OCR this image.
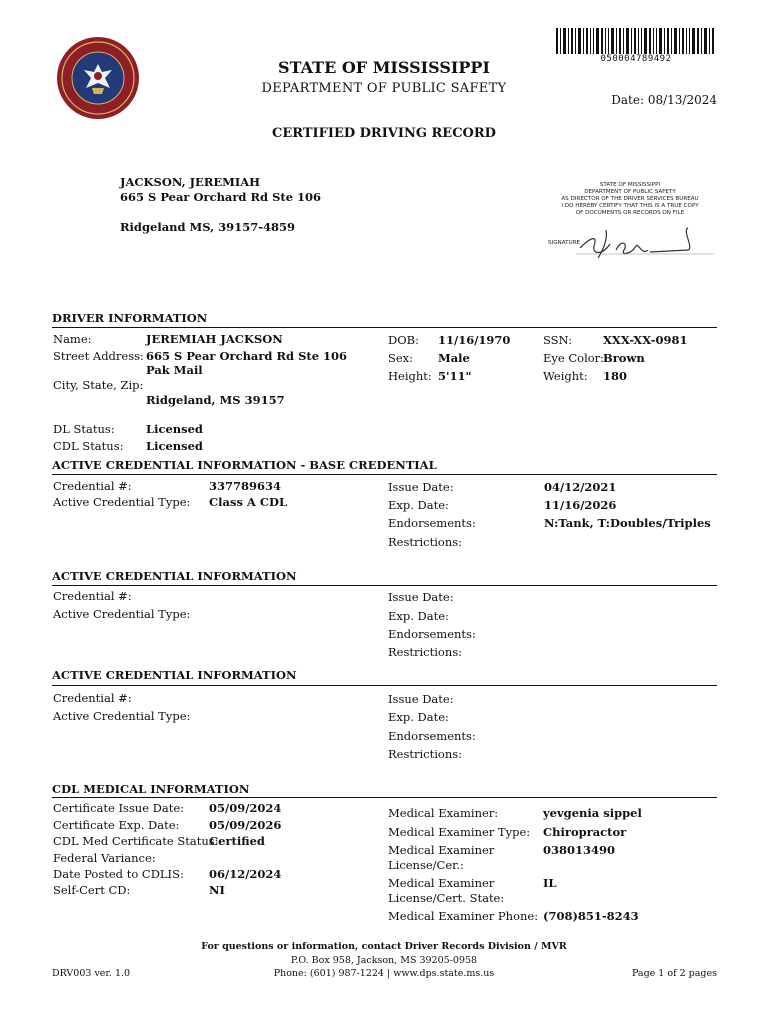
050004789492
STATE OF MISSISSIPPI
DEPARTMENT OF PUBLIC SAFETY
Date: 08/13/2024
CERTIFIED DRIVING RECORD
JACKSON, JEREMIAH
665 S Pear Orchard Rd Ste 106
Ridgeland MS, 39157-4859
STATE OF MISSISSIPPI
DEPARTMENT OF PUBLIC SAFETY
AS DIRECTOR OF THE DRIVER SERVICES BUREAU
I DO HEREBY CERTIFY THAT THIS IS A TRUE COPY
OF DOCUMENTS OR RECORDS ON FILE
SIGNATURE
DRIVER INFORMATION
Name:	JEREMIAH JACKSON
Street Address: 665 S Pear Orchard Rd Ste 106
Pak Mail
City, State, Zip:
Ridgeland, MS 39157
DL Status:	Licensed
CDL Status: Licensed
DOB: 11/16/1970
Sex: Male
Height: 5'11"
SSN:	XXX-XX-0981
Eye Color:
Brown
Weight: 180
ACTIVE CREDENTIAL INFORMATION - BASE CREDENTIAL
Credential #:	337789634
Active Credential Type: Class A CDL
Issue Date:	04/12/2021
Exp. Date:	11/16/2026
Endorsements:	N:Tank, T:Doubles/Triples
Restrictions:
ACTIVE CREDENTIAL INFORMATION
Credential #:
Active Credential Type:
Issue Date:
Exp. Date:
Endorsements:
Restrictions:
ACTIVE CREDENTIAL INFORMATION
Credential #:
Active Credential Type:
Issue Date:
Exp. Date:
Endorsements:
Restrictions:
CDL MEDICAL INFORMATION
Certificate Issue Date: 05/09/2024
Certificate Exp. Date:	05/09/2026
CDL Med Certificate Status:
Certified
Federal Variance:
Date Posted to CDLIS: 06/12/2024
Self-Cert CD:	NI
Medical Examiner:	yevgenia sippel
Medical Examiner Type: Chiropractor
Medical Examiner
License/Cer.:
038013490
Medical Examiner
License/Cert. State:
IL
Medical Examiner Phone: (708)851-8243
For questions or information, contact Driver Records Division / MVR
P.O. Box 958, Jackson, MS 39205-0958
Phone: (601) 987-1224 | www.dps.state.ms.us
DRV003 ver. 1.0	Page 1 of 2 pages
